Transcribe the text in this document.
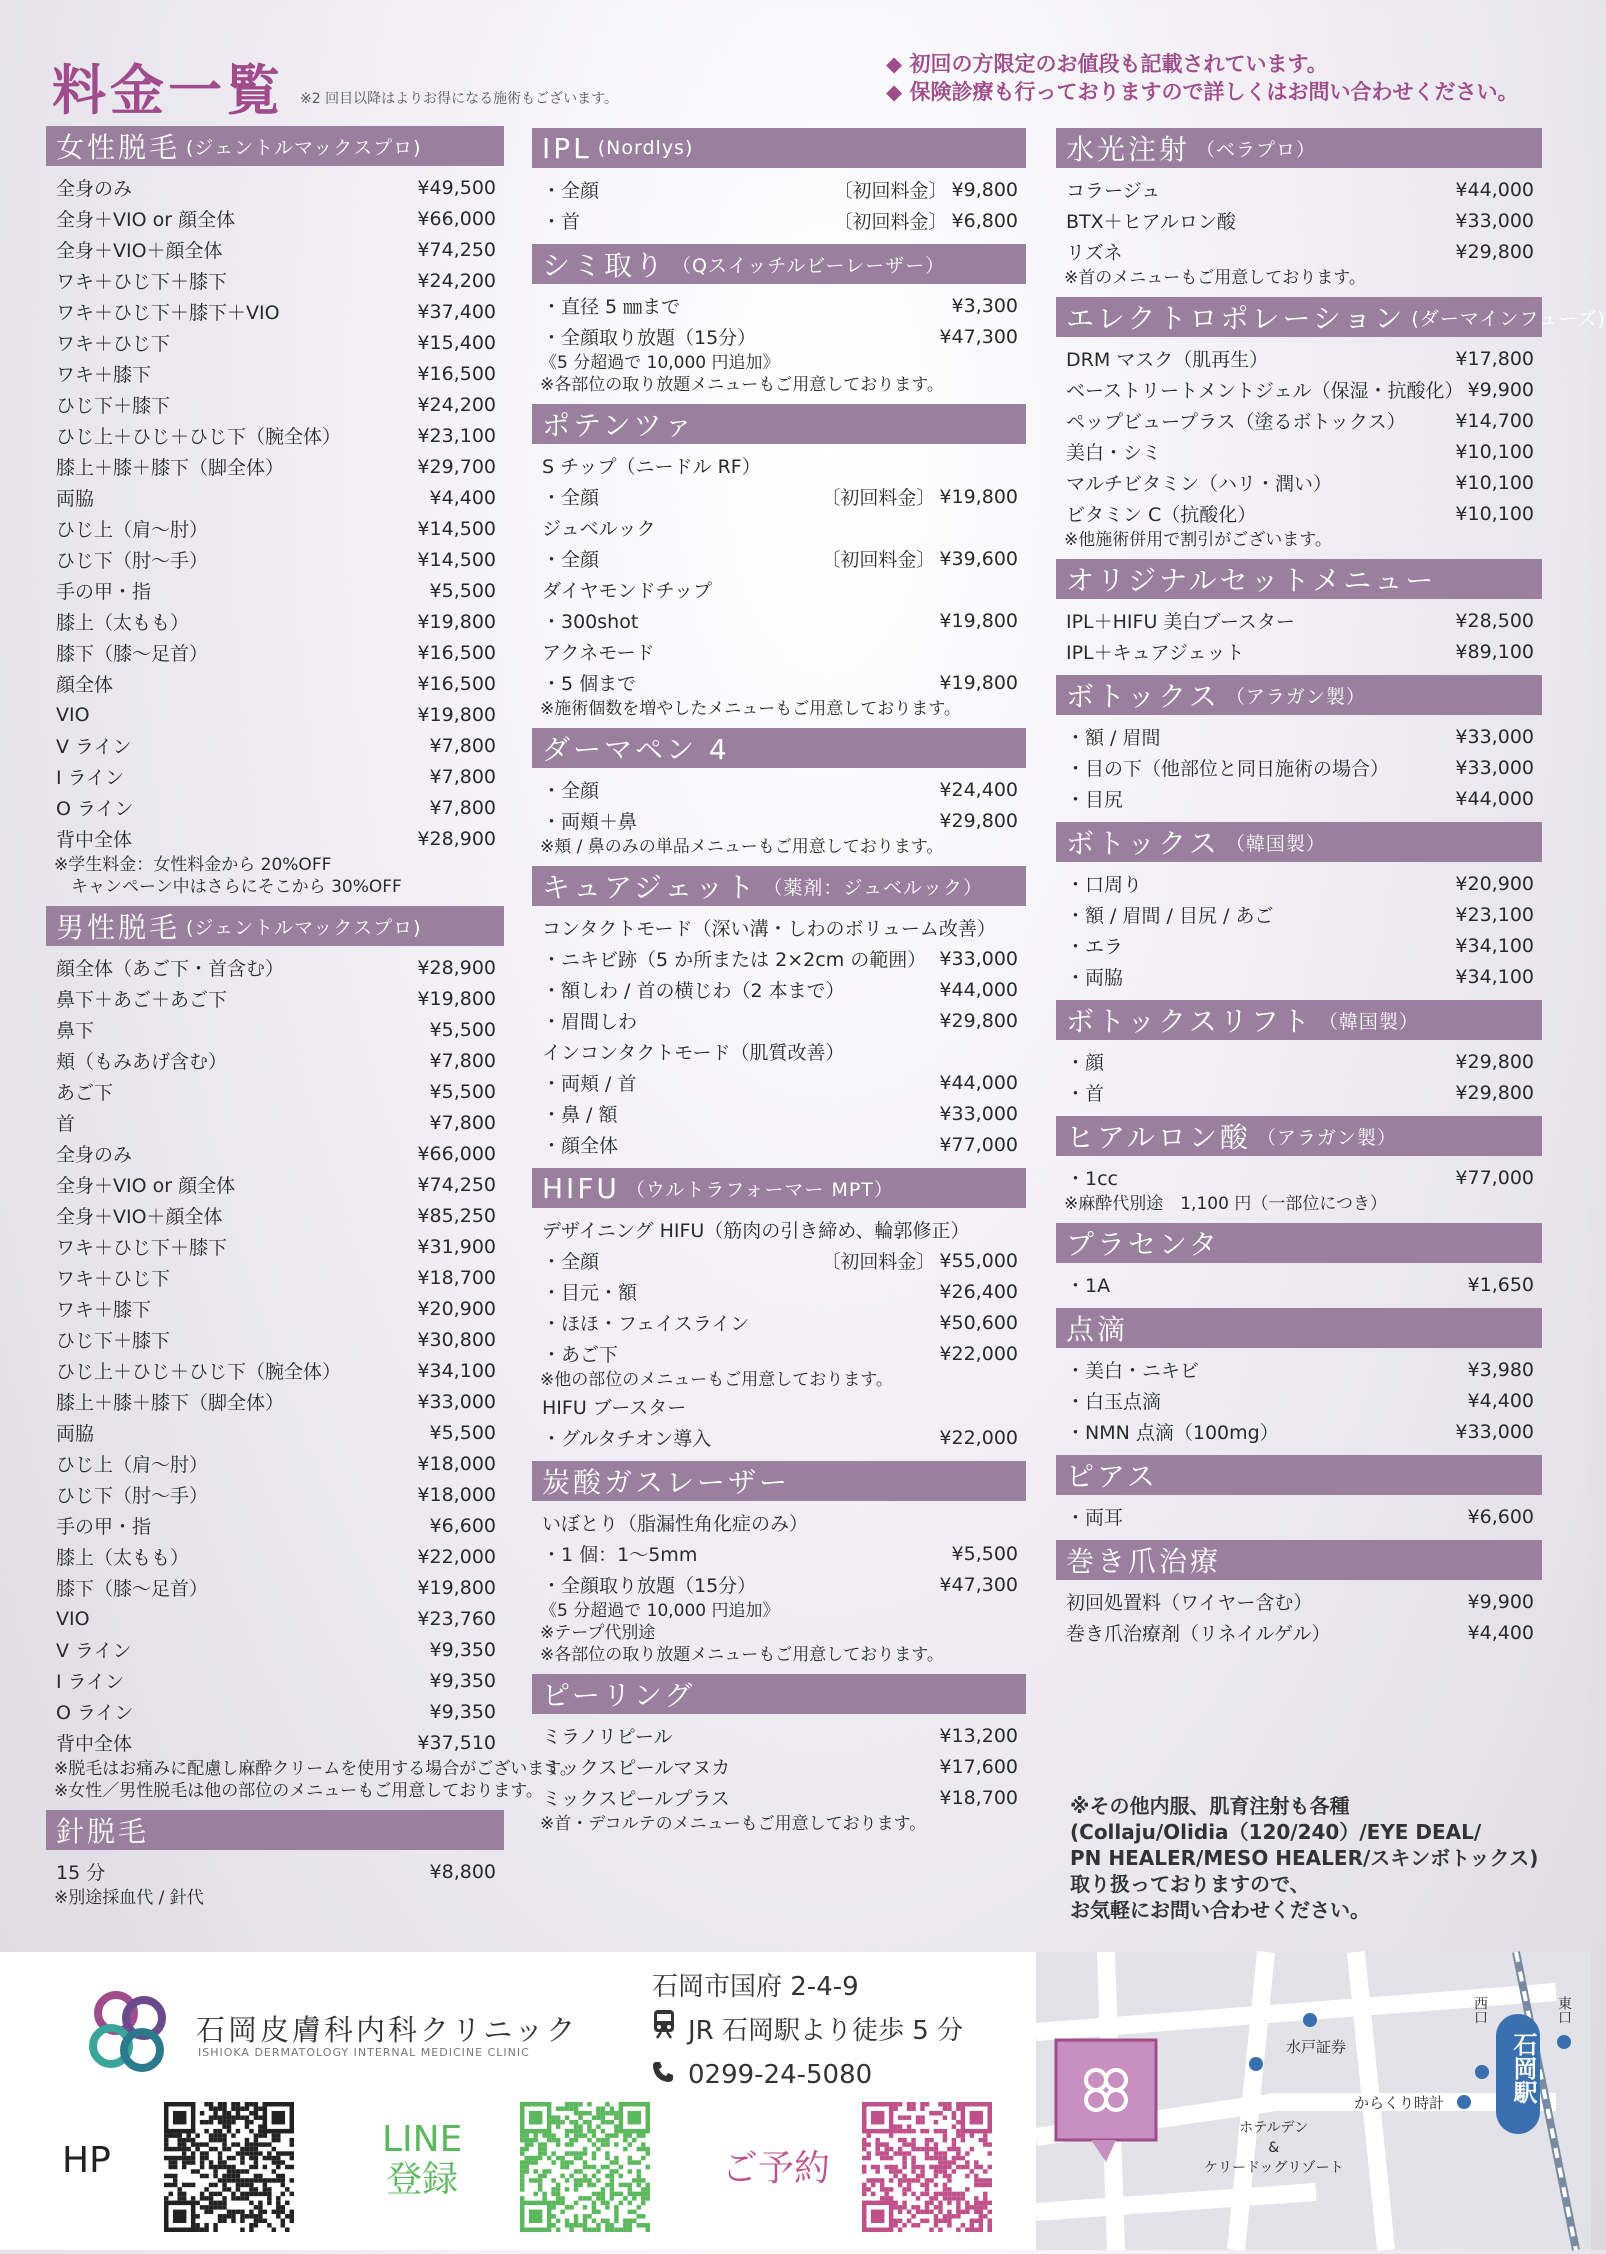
料金一覧 ※2 回目以降はよりお得になる施術もございます。
◆ 初回の方限定のお値段も記載されています。
◆ 保険診療も行っておりますので詳しくはお問い合わせください。
女性脱毛 (ジェントルマックスプロ)
全身のみ	¥49,500
全身＋VIO or 顔全体	¥66,000
全身＋VIO＋顔全体	¥74,250
ワキ＋ひじ下＋膝下	¥24,200
ワキ＋ひじ下＋膝下＋VIO	¥37,400
ワキ＋ひじ下	¥15,400
ワキ＋膝下	¥16,500
ひじ下＋膝下	¥24,200
ひじ上＋ひじ＋ひじ下（腕全体）	¥23,100
膝上＋膝＋膝下（脚全体）	¥29,700
両脇	¥4,400
ひじ上（肩～肘）	¥14,500
ひじ下（肘～手）	¥14,500
手の甲・指	¥5,500
膝上（太もも）	¥19,800
膝下（膝～足首）	¥16,500
顔全体	¥16,500
VIO	¥19,800
V ライン	¥7,800
I ライン	¥7,800
O ライン	¥7,800
背中全体	¥28,900
※学生料金：女性料金から 20%OFF
　キャンペーン中はさらにそこから 30%OFF
男性脱毛 (ジェントルマックスプロ)
顔全体（あご下・首含む）	¥28,900
鼻下＋あご＋あご下	¥19,800
鼻下	¥5,500
頬（もみあげ含む）	¥7,800
あご下	¥5,500
首	¥7,800
全身のみ	¥66,000
全身＋VIO or 顔全体	¥74,250
全身＋VIO＋顔全体	¥85,250
ワキ＋ひじ下＋膝下	¥31,900
ワキ＋ひじ下	¥18,700
ワキ＋膝下	¥20,900
ひじ下＋膝下	¥30,800
ひじ上＋ひじ＋ひじ下（腕全体）	¥34,100
膝上＋膝＋膝下（脚全体）	¥33,000
両脇	¥5,500
ひじ上（肩～肘）	¥18,000
ひじ下（肘～手）	¥18,000
手の甲・指	¥6,600
膝上（太もも）	¥22,000
膝下（膝～足首）	¥19,800
VIO	¥23,760
V ライン	¥9,350
I ライン	¥9,350
O ライン	¥9,350
背中全体	¥37,510
※脱毛はお痛みに配慮し麻酔クリームを使用する場合がございます。
※女性／男性脱毛は他の部位のメニューもご用意しております。
針脱毛
15 分	¥8,800
※別途採血代 / 針代
IPL (Nordlys)
・全顔	〔初回料金〕 ¥9,800
・首	〔初回料金〕 ¥6,800
シミ取り （Qスイッチルビーレーザー）
・直径 5 ㎜まで	¥3,300
・全顔取り放題（15分）	¥47,300
《5 分超過で 10,000 円追加》
※各部位の取り放題メニューもご用意しております。
ポテンツァ
S チップ（ニードル RF）
・全顔	〔初回料金〕 ¥19,800
ジュベルック
・全顔	〔初回料金〕 ¥39,600
ダイヤモンドチップ
・300shot	¥19,800
アクネモード
・5 個まで	¥19,800
※施術個数を増やしたメニューもご用意しております。
ダーマペン 4
・全顔	¥24,400
・両頬＋鼻	¥29,800
※頬 / 鼻のみの単品メニューもご用意しております。
キュアジェット （薬剤：ジュベルック）
コンタクトモード（深い溝・しわのボリューム改善）
・ニキビ跡（5 か所または 2×2cm の範囲） ¥33,000
・額しわ / 首の横じわ（2 本まで）	¥44,000
・眉間しわ	¥29,800
インコンタクトモード（肌質改善）
・両頬 / 首	¥44,000
・鼻 / 額	¥33,000
・顔全体	¥77,000
HIFU （ウルトラフォーマー MPT）
デザイニング HIFU（筋肉の引き締め、輪郭修正）
・全顔	〔初回料金〕 ¥55,000
・目元・額	¥26,400
・ほほ・フェイスライン	¥50,600
・あご下	¥22,000
※他の部位のメニューもご用意しております。
HIFU ブースター
・グルタチオン導入	¥22,000
炭酸ガスレーザー
いぼとり（脂漏性角化症のみ）
・1 個：1～5mm	¥5,500
・全顔取り放題（15分）	¥47,300
《5 分超過で 10,000 円追加》
※テープ代別途
※各部位の取り放題メニューもご用意しております。
ピーリング
ミラノリピール	¥13,200
ミックスピールマヌカ	¥17,600
ミックスピールプラス	¥18,700
※首・デコルテのメニューもご用意しております。
水光注射 （ベラプロ）
コラージュ	¥44,000
BTX＋ヒアルロン酸	¥33,000
リズネ	¥29,800
※首のメニューもご用意しております。
エレクトロポレーション (ダーマインフューズ)
DRM マスク（肌再生）	¥17,800
ベーストリートメントジェル（保湿・抗酸化） ¥9,900
ペップビュープラス（塗るボトックス）	¥14,700
美白・シミ	¥10,100
マルチビタミン（ハリ・潤い）	¥10,100
ビタミン C（抗酸化）	¥10,100
※他施術併用で割引がございます。
オリジナルセットメニュー
IPL＋HIFU 美白ブースター	¥28,500
IPL＋キュアジェット	¥89,100
ボトックス （アラガン製）
・額 / 眉間	¥33,000
・目の下（他部位と同日施術の場合）	¥33,000
・目尻	¥44,000
ボトックス （韓国製）
・口周り	¥20,900
・額 / 眉間 / 目尻 / あご	¥23,100
・エラ	¥34,100
・両脇	¥34,100
ボトックスリフト （韓国製）
・顔	¥29,800
・首	¥29,800
ヒアルロン酸 （アラガン製）
・1cc	¥77,000
※麻酔代別途　1,100 円（一部位につき）
プラセンタ
・1A	¥1,650
点滴
・美白・ニキビ	¥3,980
・白玉点滴	¥4,400
・NMN 点滴（100mg）	¥33,000
ピアス
・両耳	¥6,600
巻き爪治療
初回処置料（ワイヤー含む）	¥9,900
巻き爪治療剤（リネイルゲル）	¥4,400
※その他内服、肌育注射も各種
(Collaju/Olidia（120/240）/EYE DEAL/
PN HEALER/MESO HEALER/スキンボトックス)
取り扱っておりますので、
お気軽にお問い合わせください。
石岡皮膚科内科クリニック
ISHIOKA DERMATOLOGY INTERNAL MEDICINE CLINIC
石岡市国府 2-4-9
JR 石岡駅より徒歩 5 分
0299-24-5080
HP
LINE
登録	ご予約
水戸証券
からくり時計
ホテルデン
&
ケリードッグリゾート
石岡駅
西口	東口
